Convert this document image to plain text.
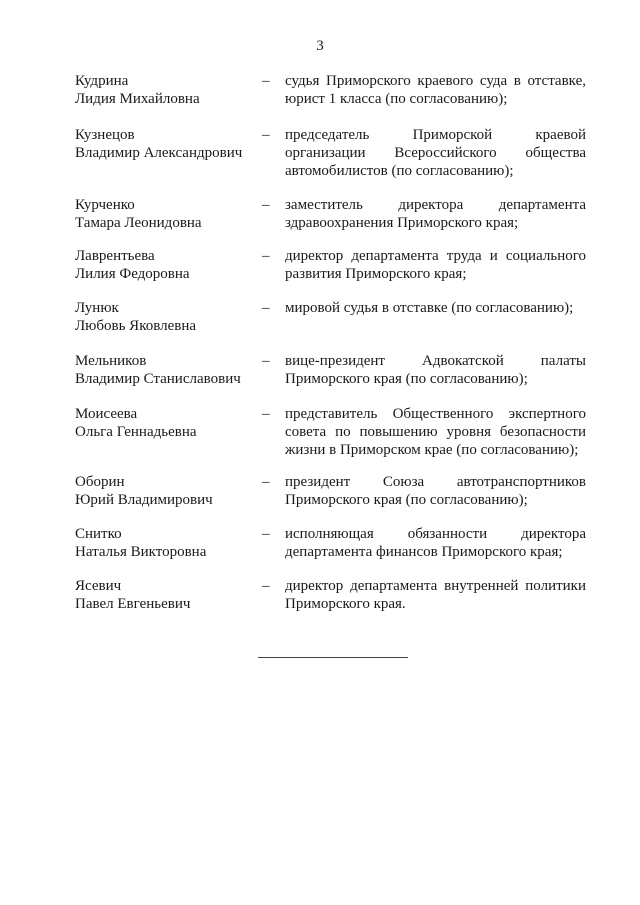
3
Кудрина
Лидия Михайловна
–	судья Приморского краевого суда в отставке,
юрист 1 класса (по согласованию);
Кузнецов
Владимир Александрович
–	председатель Приморской краевой
организации Всероссийского общества
автомобилистов (по согласованию);
Курченко
Тамара Леонидовна
–	заместитель директора департамента
здравоохранения Приморского края;
Лаврентьева
Лилия Федоровна
–	директор департамента труда и социального
развития Приморского края;
Лунюк
Любовь Яковлевна
–	мировой судья в отставке (по согласованию);
Мельников
Владимир Станиславович
–	вице-президент Адвокатской палаты
Приморского края (по согласованию);
Моисеева
Ольга Геннадьевна
–	представитель Общественного экспертного
совета по повышению уровня безопасности
жизни в Приморском крае (по согласованию);
Оборин
Юрий Владимирович
–	президент Союза автотранспортников
Приморского края (по согласованию);
Снитко
Наталья Викторовна
–	исполняющая обязанности директора
департамента финансов Приморского края;
Ясевич
Павел Евгеньевич
–	директор департамента внутренней политики
Приморского края.
